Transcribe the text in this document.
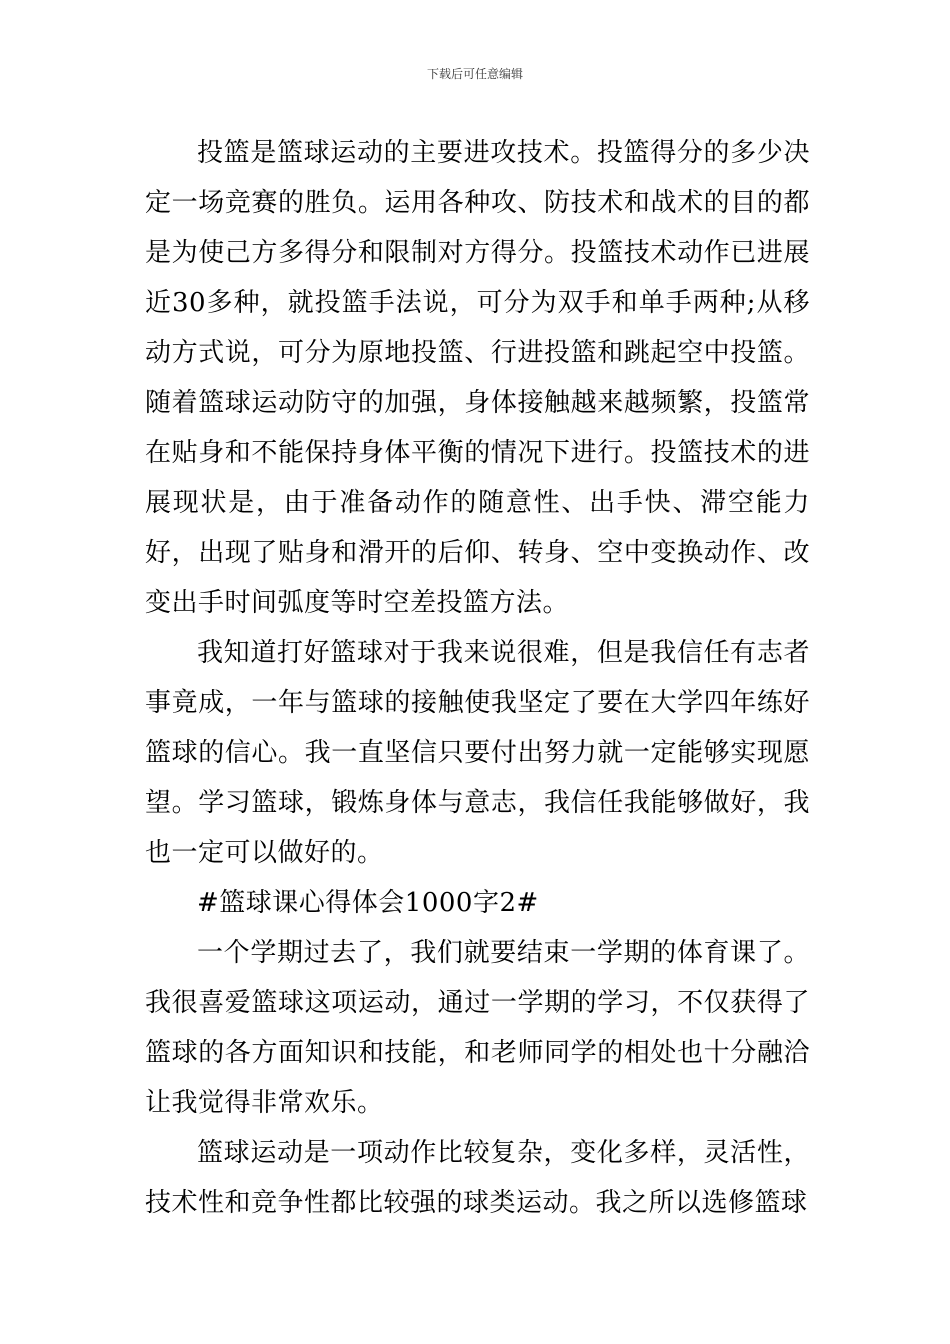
下载后可任意编辑

投篮是篮球运动的主要进攻技术。投篮得分的多少决定一场竞赛的胜负。运用各种攻、防技术和战术的目的都是为使己方多得分和限制对方得分。投篮技术动作已进展近30多种，就投篮手法说，可分为双手和单手两种;从移动方式说，可分为原地投篮、行进投篮和跳起空中投篮。随着篮球运动防守的加强，身体接触越来越频繁，投篮常在贴身和不能保持身体平衡的情况下进行。投篮技术的进展现状是，由于准备动作的随意性、出手快、滞空能力好，出现了贴身和滑开的后仰、转身、空中变换动作、改变出手时间弧度等时空差投篮方法。

我知道打好篮球对于我来说很难，但是我信任有志者事竟成，一年与篮球的接触使我坚定了要在大学四年练好篮球的信心。我一直坚信只要付出努力就一定能够实现愿望。学习篮球，锻炼身体与意志，我信任我能够做好，我也一定可以做好的。

#篮球课心得体会1000字2#

一个学期过去了，我们就要结束一学期的体育课了。我很喜爱篮球这项运动，通过一学期的学习，不仅获得了篮球的各方面知识和技能，和老师同学的相处也十分融洽让我觉得非常欢乐。

篮球运动是一项动作比较复杂，变化多样，灵活性，技术性和竞争性都比较强的球类运动。我之所以选修篮球
